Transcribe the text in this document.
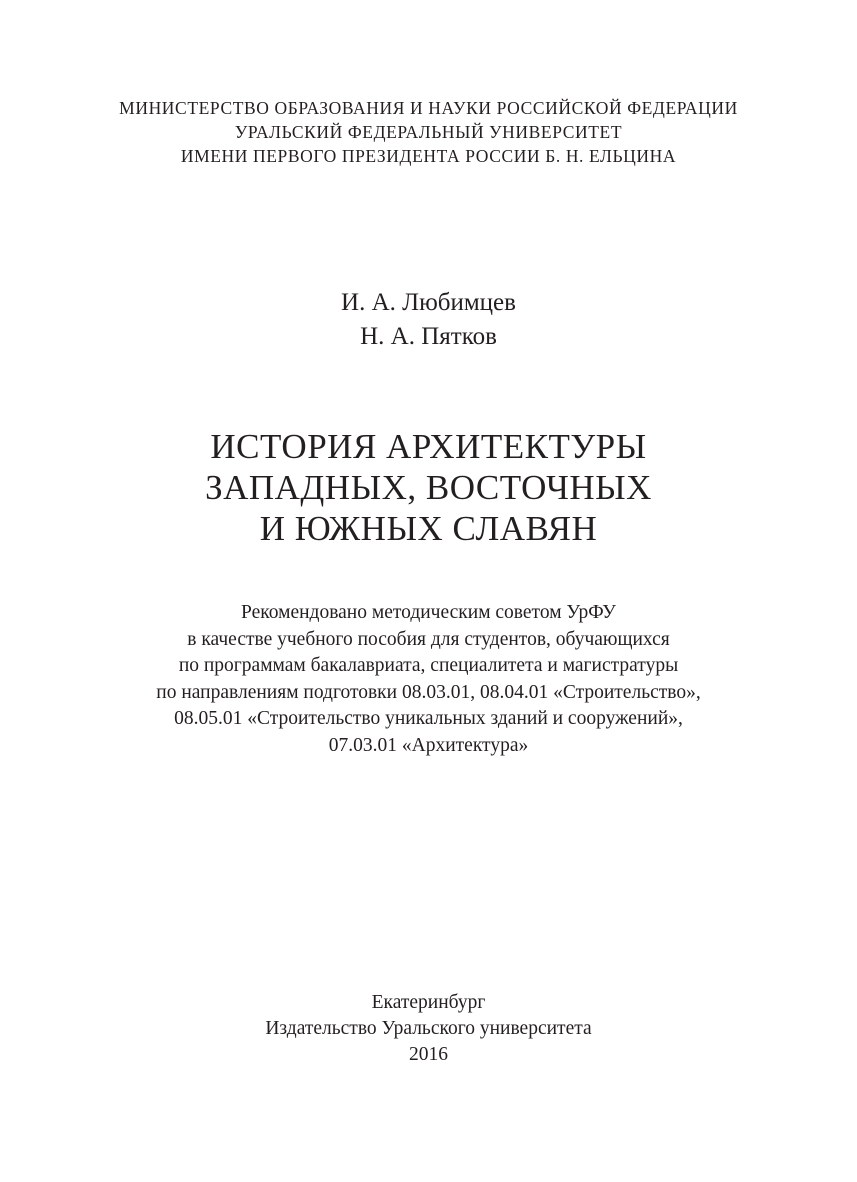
МИНИСТЕРСТВО ОБРАЗОВАНИЯ И НАУКИ РОССИЙСКОЙ ФЕДЕРАЦИИ
УРАЛЬСКИЙ ФЕДЕРАЛЬНЫЙ УНИВЕРСИТЕТ
ИМЕНИ ПЕРВОГО ПРЕЗИДЕНТА РОССИИ Б. Н. ЕЛЬЦИНА
И. А. Любимцев
Н. А. Пятков
ИСТОРИЯ АРХИТЕКТУРЫ
ЗАПАДНЫХ, ВОСТОЧНЫХ
И ЮЖНЫХ СЛАВЯН
Рекомендовано методическим советом УрФУ
в качестве учебного пособия для студентов, обучающихся
по программам бакалавриата, специалитета и магистратуры
по направлениям подготовки 08.03.01, 08.04.01 «Строительство»,
08.05.01 «Строительство уникальных зданий и сооружений»,
07.03.01 «Архитектура»
Екатеринбург
Издательство Уральского университета
2016
